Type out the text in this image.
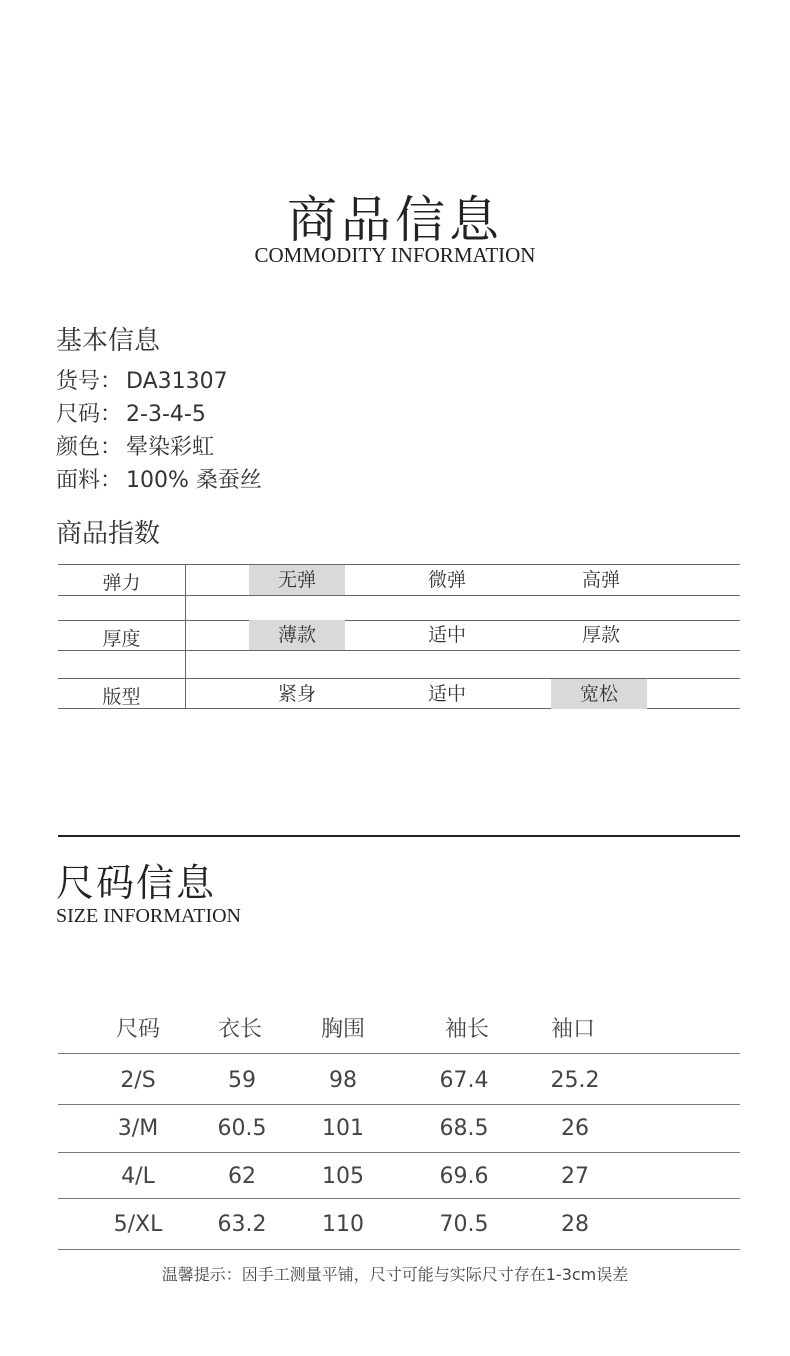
商品信息
COMMODITY INFORMATION
基本信息
货号： DA31307
尺码： 2-3-4-5
颜色： 晕染彩虹
面料： 100% 桑蚕丝
商品指数
弹力	无弹	微弹	高弹
厚度	薄款	适中	厚款
版型	紧身	适中	宽松
尺码信息
SIZE INFORMATION
尺码	衣长	胸围	袖长	袖口
2/S	59	98	67.4	25.2
3/M	60.5	101	68.5	26
4/L	62	105	69.6	27
5/XL	63.2	110	70.5	28
温馨提示：因手工测量平铺，尺寸可能与实际尺寸存在1-3cm误差
